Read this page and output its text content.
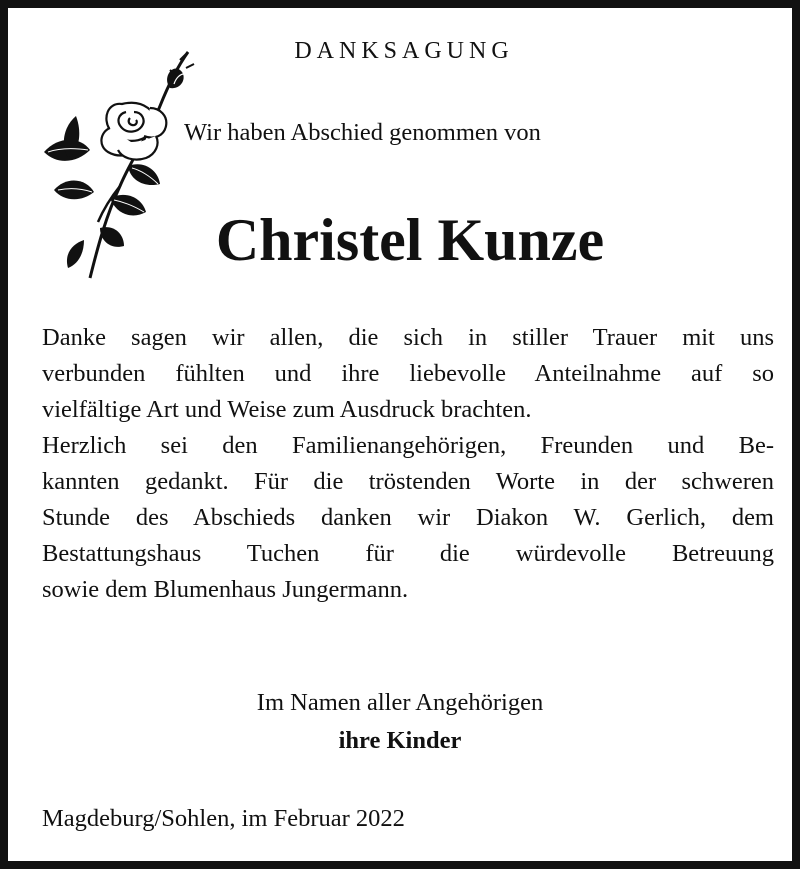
DANKSAGUNG
Wir haben Abschied genommen von
Christel Kunze
Danke sagen wir allen, die sich in stiller Trauer mit uns
verbunden fühlten und ihre liebevolle Anteilnahme auf so
vielfältige Art und Weise zum Ausdruck brachten.
Herzlich sei den Familienangehörigen, Freunden und Be-
kannten gedankt. Für die tröstenden Worte in der schweren
Stunde des Abschieds danken wir Diakon W. Gerlich, dem
Bestattungshaus Tuchen für die würdevolle Betreuung
sowie dem Blumenhaus Jungermann.
Im Namen aller Angehörigen
ihre Kinder
Magdeburg/Sohlen, im Februar 2022
